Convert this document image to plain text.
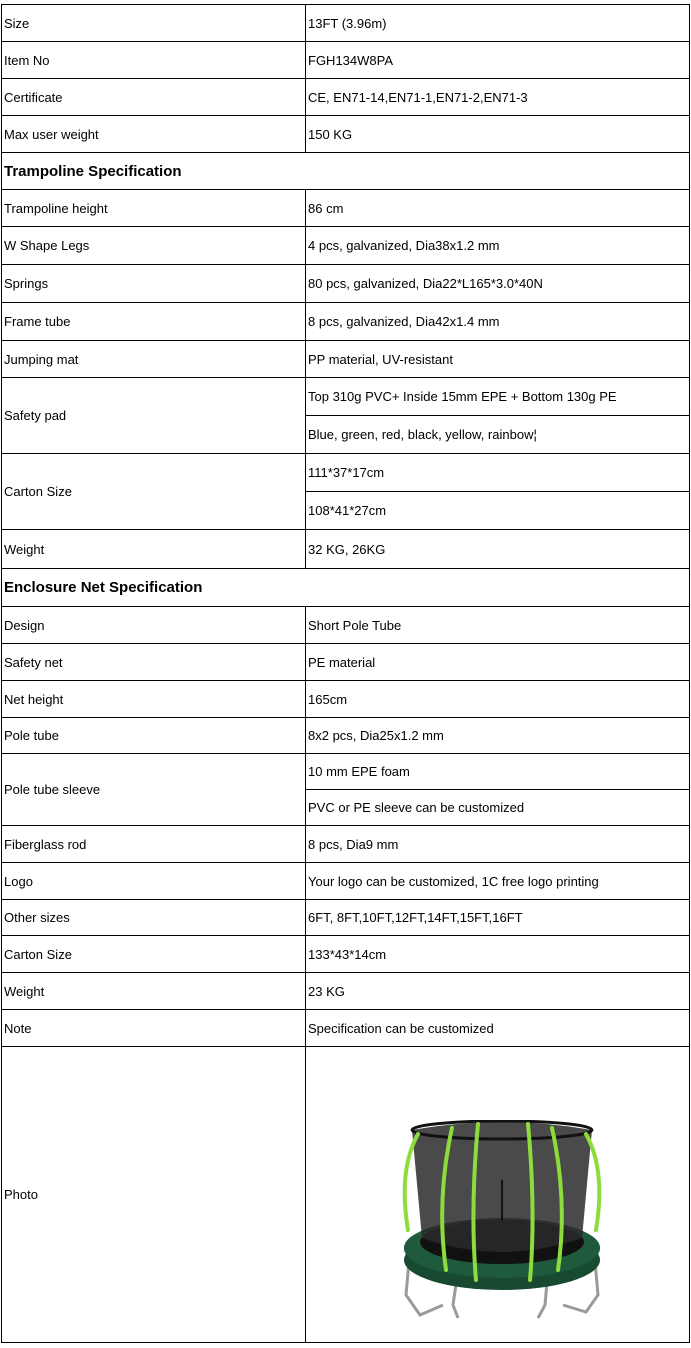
Size	13FT (3.96m)
Item No	FGH134W8PA
Certificate	CE, EN71-14,EN71-1,EN71-2,EN71-3
Max user weight	150 KG
Trampoline Specification	
Trampoline height	86 cm
W Shape Legs	4 pcs, galvanized, Dia38x1.2 mm
Springs	80 pcs, galvanized, Dia22*L165*3.0*40N
Frame tube	8 pcs, galvanized, Dia42x1.4 mm
Jumping mat	PP material, UV-resistant
Safety pad	Top 310g PVC+ Inside 15mm EPE + Bottom 130g PE
	Blue, green, red, black, yellow, rainbow¦
Carton Size	111*37*17cm
	108*41*27cm
Weight	32 KG, 26KG
Enclosure Net Specification	
Design	Short Pole Tube
Safety net	PE material
Net height	165cm
Pole tube	8x2 pcs, Dia25x1.2 mm
Pole tube sleeve	10 mm EPE foam
	PVC or PE sleeve can be customized
Fiberglass rod	8 pcs, Dia9 mm
Logo	Your logo can be customized, 1C free logo printing
Other sizes	6FT, 8FT,10FT,12FT,14FT,15FT,16FT
Carton Size	133*43*14cm
Weight	23 KG
Note	Specification can be customized
Photo	
